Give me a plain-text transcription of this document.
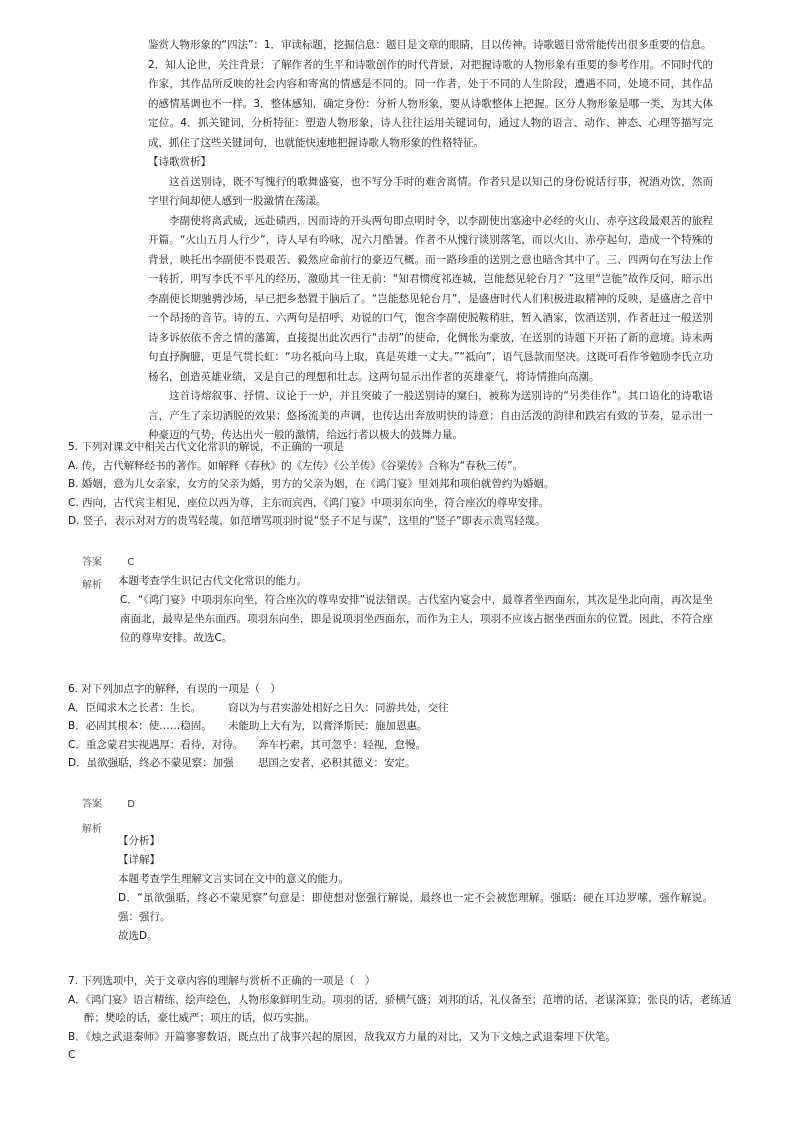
鉴赏人物形象的“四法”：1．审读标题，挖掘信息：题目是文章的眼睛，目以传神。诗歌题目常常能传出很多重要的信息。

2．知人论世，关注背景：了解作者的生平和诗歌创作的时代背景，对把握诗歌的人物形象有重要的参考作用。不同时代的作家，其作品所反映的社会内容和寄寓的情感是不同的。同一作者，处于不同的人生阶段，遭遇不同，处境不同，其作品的感情基调也不一样。3．整体感知，确定身份：分析人物形象，要从诗歌整体上把握。区分人物形象是哪一类，为其大体定位。4．抓关键词，分析特征：塑造人物形象，诗人往往运用关键词句，通过人物的语言、动作、神态、心理等描写完成，抓住了这些关键词句，也就能快速地把握诗歌人物形象的性格特征。

【诗歌赏析】

这首送别诗，既不写愧行的歌舞盛宴，也不写分手时的难舍离情。作者只是以知己的身份说话行事，祝酒劝饮，然而字里行间却使人感到一股激情在荡漾。

李副使将离武威，远赴碛西，因而诗的开头两句即点明时令，以李副使出塞途中必经的火山、赤亭这段最艰苦的旅程开篇。“火山五月人行少”，诗人早有吟咏，况六月酷暑。作者不从愧行谈别落笔，而以火山、赤亭起句，造成一个特殊的背景，映托出李副使不畏艰苦、毅然应命前行的豪迈气概。而一路珍重的送别之意也暗含其中了。三、四两句在写法上作一转折，明写李氏不平凡的经历，激励其一往无前：“知君惯度祁连城，岂能愁见轮台月？”这里“岂能”故作反问，暗示出李副使长期驰骋沙场，早已把乡愁置于脑后了。“岂能愁见轮台月”，是盛唐时代人们积极进取精神的反映，是盛唐之音中一个昂扬的音节。诗的五、六两句是招呼、劝说的口气，饱含李副使脱鞍稍驻，暂入酒家，饮酒送别，作者赶过一般送别诗多诉依依不舍之情的藩篱，直接提出此次西行“击胡”的使命，化惆怅为豪放，在送别的诗题下开拓了新的意境。诗末两句直抒胸臆，更是气贯长虹：“功名祗向马上取，真是英雄一丈夫。”“祗向”，语气恳款而坚决。这既可看作爷勉励李氏立功杨名，创造英雄业绩，又是自己的理想和壮志。这两句显示出作者的英雄豪气，将诗情推向高潮。

这首诗熔叙事、抒情、议论于一炉，并且突破了一般送别诗的窠臼，被称为送别诗的“另类佳作”。其口语化的诗歌语言，产生了亲切洒脱的效果；悠扬流美的声调，也传达出奔放明快的诗意；自由活泼的韵律和跌宕有致的节奏，显示出一种豪迈的气势，传达出火一般的激情，给远行者以极大的鼓舞力量。

5. 下列对课文中相关古代文化常识的解说，不正确的一项是

A. 传，古代解释经书的著作。如解释《春秋》的《左传》《公羊传》《谷梁传》合称为“春秋三传”。

B. 婚姻，意为儿女亲家，女方的父亲为婚，男方的父亲为姻，在《鸿门宴》里刘邦和项伯就曾约为婚姻。

C. 西向，古代宾主相见，座位以西为尊，主东而宾西，《鸿门宴》中项羽东向坐，符合座次的尊卑安排。

D. 竖子，表示对对方的贵骂轻蔑，如范增骂项羽时说“竖子不足与谋”，这里的“竖子”即表示贵骂轻蔑。

答案	C
解析 本题考查学生识记古代文化常识的能力。

C．“《鸿门宴》中项羽东向坐，符合座次的尊卑安排”说法错误。古代室内宴会中，最尊者坐西面东，其次是坐北向南，再次是坐南面北，最卑是坐东面西。项羽东向坐，即是说项羽坐西面东，而作为主人，项羽不应该占据坐西面东的位置。因此，不符合座位的尊卑安排。故选C。

6. 对下列加点字的解释，有误的一项是（　）

A．臣闻求木之长者：生长。	窃以为与君实游处相好之日久：同游共处，交往

B．必固其根本：使……稳固。 未能助上大有为，以膏泽斯民：施加恩惠。

C．重念蒙君实视遇厚：看待，对待。 奔车朽索，其可忽乎：轻视，怠慢。

D．虽欲强聒，终必不蒙见察：加强 思国之安者，必积其德义：安定。

答案	D
解析

【分析】

【详解】

本题考查学生理解文言实词在文中的意义的能力。

D．“虽欲强聒，终必不蒙见察”句意是：即使想对您强行解说，最终也一定不会被您理解。强聒：硬在耳边罗嗦，强作解说。强：强行。

故选D。

7. 下列选项中，关于文章内容的理解与赏析不正确的一项是（　）

A．《鸿门宴》语言精练、绘声绘色，人物形象鲜明生动。项羽的话，骄横气盛；刘邦的话，礼仪备至；范增的话，老谋深算；张良的话，老练适醉；樊哙的话，豪壮威严；项庄的话，似巧实拙。

B．《烛之武退秦师》开篇寥寥数语，既点出了战事兴起的原因，敌我双方力量的对比，又为下文烛之武退秦埋下伏笔。

C
